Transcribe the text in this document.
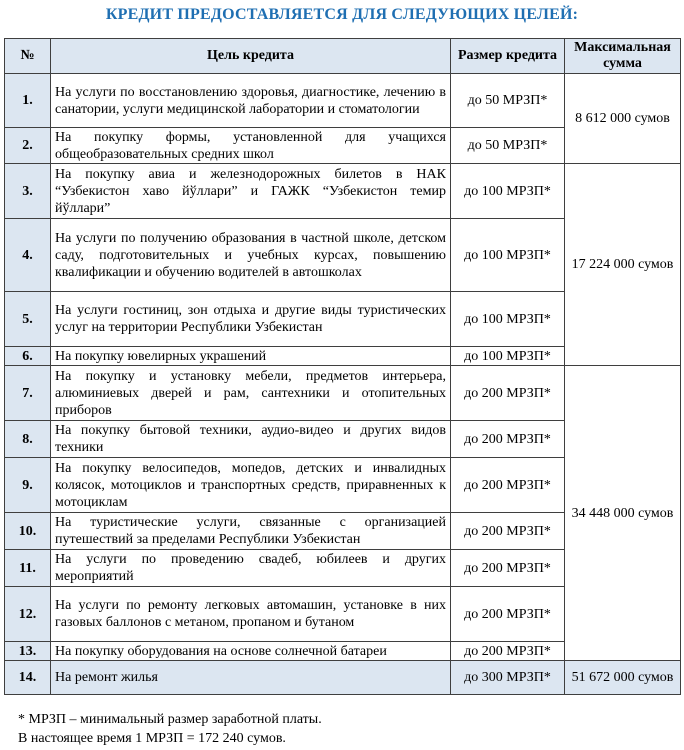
КРЕДИТ ПРЕДОСТАВЛЯЕТСЯ ДЛЯ СЛЕДУЮЩИХ ЦЕЛЕЙ:
№	Цель кредита	Размер кредита	Максимальная сумма
1.	На услуги по восстановлению здоровья, диагностике, лечению в санатории, услуги медицинской лаборатории и стоматологии	до 50 МРЗП*	8 612 000 сумов
2.	На покупку формы, установленной для учащихся общеобразовательных средних школ	до 50 МРЗП*	
3.	На покупку авиа и железнодорожных билетов в НАК “Узбекистон хаво йўллари” и ГАЖК “Узбекистон темир йўллари”	до 100 МРЗП*	17 224 000 сумов
4.	На услуги по получению образования в частной школе, детском саду, подготовительных и учебных курсах, повышению квалификации и обучению водителей в автошколах	до 100 МРЗП*	
5.	На услуги гостиниц, зон отдыха и другие виды туристических услуг на территории Республики Узбекистан	до 100 МРЗП*	
6.	На покупку ювелирных украшений	до 100 МРЗП*	
7.	На покупку и установку мебели, предметов интерьера, алюминиевых дверей и рам, сантехники и отопительных приборов	до 200 МРЗП*	34 448 000 сумов
8.	На покупку бытовой техники, аудио-видео и других видов техники	до 200 МРЗП*	
9.	На покупку велосипедов, мопедов, детских и инвалидных колясок, мотоциклов и транспортных средств, приравненных к мотоциклам	до 200 МРЗП*	
10.	На туристические услуги, связанные с организацией путешествий за пределами Республики Узбекистан	до 200 МРЗП*	
11.	На услуги по проведению свадеб, юбилеев и других мероприятий	до 200 МРЗП*	
12.	На услуги по ремонту легковых автомашин, установке в них газовых баллонов с метаном, пропаном и бутаном	до 200 МРЗП*	
13.	На покупку оборудования на основе солнечной батареи	до 200 МРЗП*	
14.	На ремонт жилья	до 300 МРЗП*	51 672 000 сумов
* МРЗП – минимальный размер заработной платы.
В настоящее время 1 МРЗП = 172 240 сумов.
